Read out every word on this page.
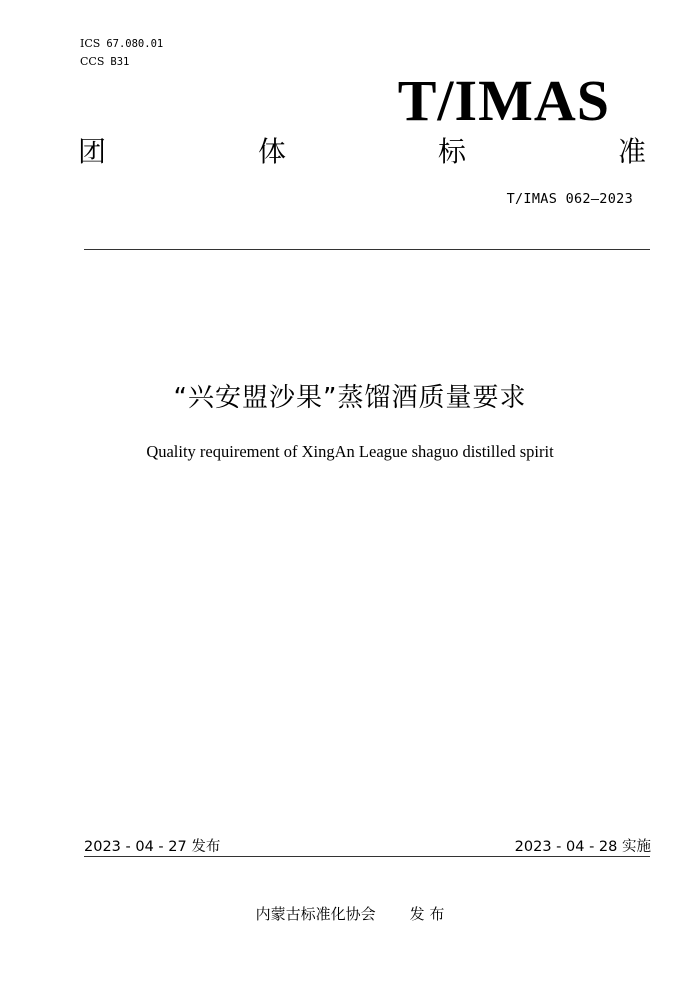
ICS 67.080.01
CCS B31
T/IMAS
团	体	标	准
T/IMAS 062—2023
“兴安盟沙果”蒸馏酒质量要求
Quality requirement of XingAn League shaguo distilled spirit
2023 - 04 - 27 发布	2023 - 04 - 28 实施
内蒙古标准化协会 发 布
